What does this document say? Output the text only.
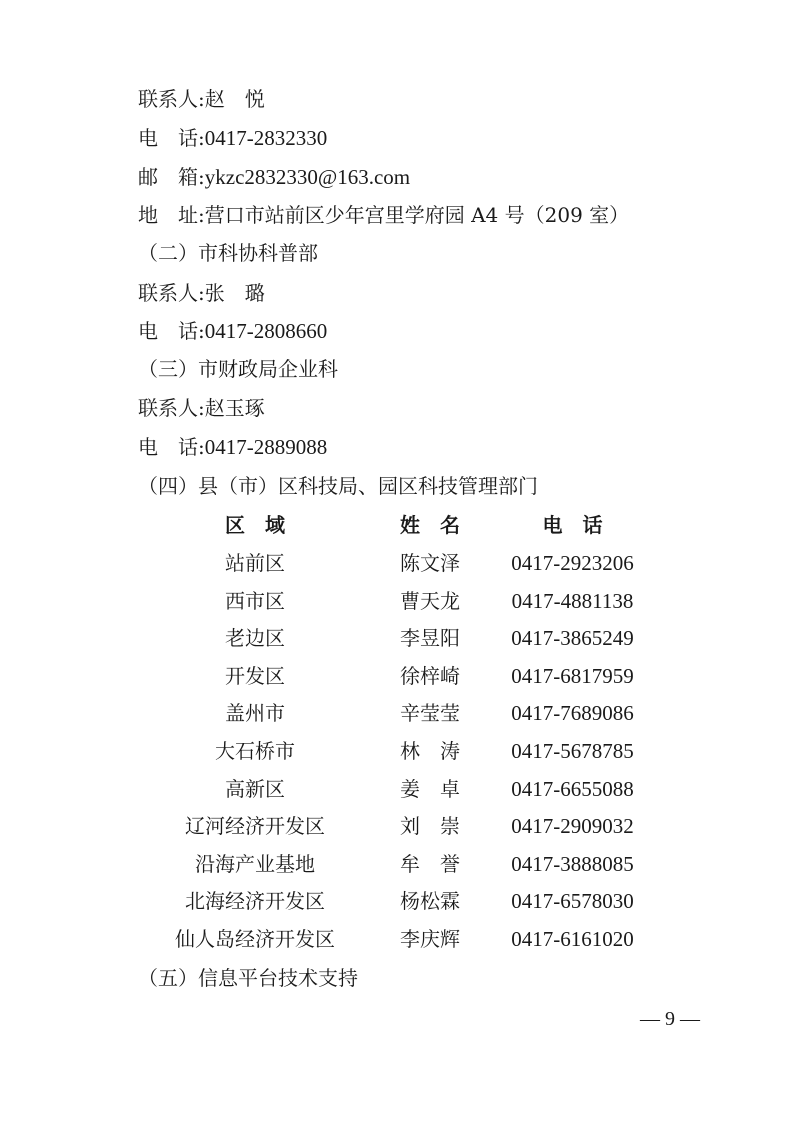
联系人:赵　悦
电　话:0417-2832330
邮　箱:ykzc2832330@163.com
地　址:营口市站前区少年宫里学府园 A4 号（209 室）
（二）市科协科普部
联系人:张　璐
电　话:0417-2808660
（三）市财政局企业科
联系人:赵玉琢
电　话:0417-2889088
（四）县（市）区科技局、园区科技管理部门
区　域	姓　名	电　话
站前区	陈文泽	0417-2923206
西市区	曹天龙	0417-4881138
老边区	李昱阳	0417-3865249
开发区	徐梓崎	0417-6817959
盖州市	辛莹莹	0417-7689086
大石桥市	林　涛	0417-5678785
高新区	姜　卓	0417-6655088
辽河经济开发区	刘　崇	0417-2909032
沿海产业基地	牟　誉	0417-3888085
北海经济开发区	杨松霖	0417-6578030
仙人岛经济开发区	李庆辉	0417-6161020
（五）信息平台技术支持
— 9 —
